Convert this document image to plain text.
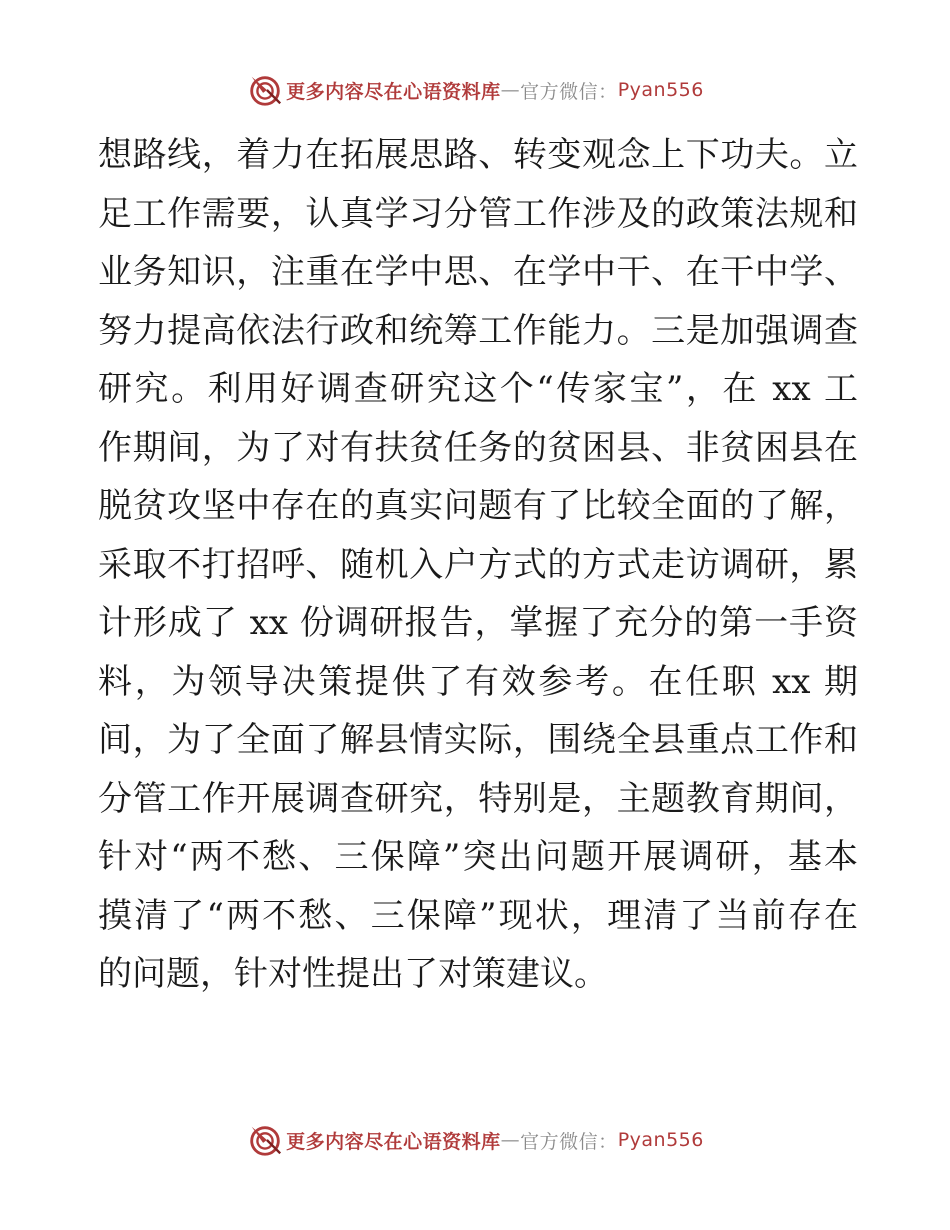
更多内容尽在心语资料库 — 官方微信： Pyan556
想路线，着力在拓展思路、转变观念上下功夫。立
足工作需要，认真学习分管工作涉及的政策法规和
业务知识，注重在学中思、在学中干、在干中学、
努力提高依法行政和统筹工作能力。三是加强调查
研究。利用好调查研究这个“传家宝”，在 xx 工
作期间，为了对有扶贫任务的贫困县、非贫困县在
脱贫攻坚中存在的真实问题有了比较全面的了解，
采取不打招呼、随机入户方式的方式走访调研，累
计形成了 xx 份调研报告，掌握了充分的第一手资
料，为领导决策提供了有效参考。在任职 xx 期
间，为了全面了解县情实际，围绕全县重点工作和
分管工作开展调查研究，特别是，主题教育期间，
针对“两不愁、三保障”突出问题开展调研，基本
摸清了“两不愁、三保障”现状，理清了当前存在
的问题，针对性提出了对策建议。
更多内容尽在心语资料库 — 官方微信： Pyan556
